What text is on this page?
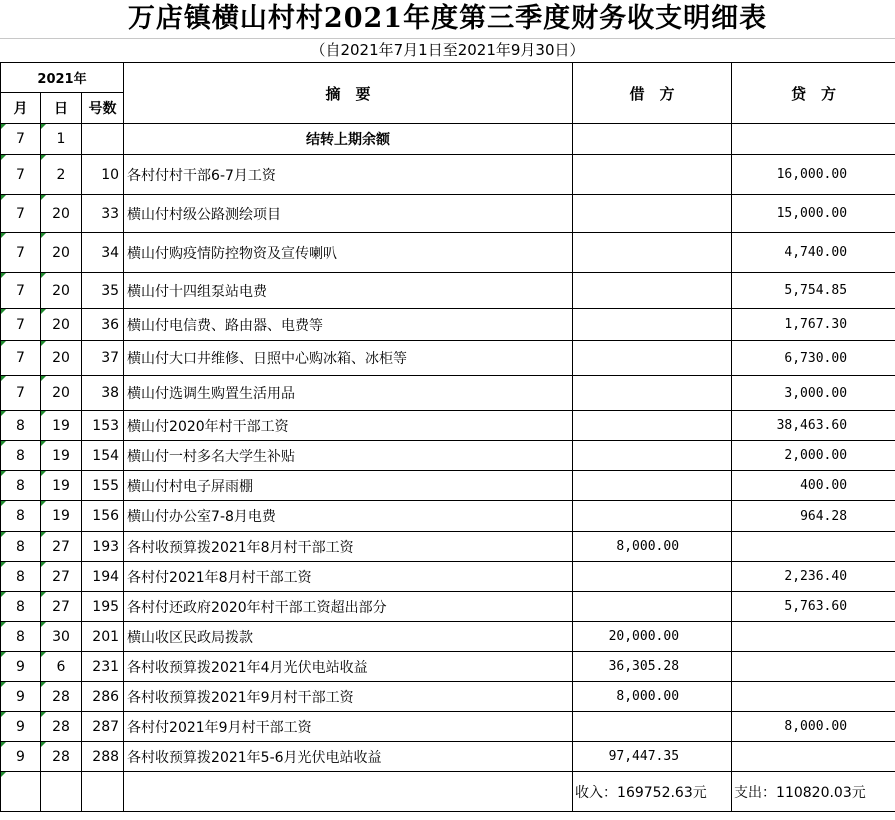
万店镇横山村村2021年度第三季度财务收支明细表
（自2021年7月1日至2021年9月30日）
2021年			摘　要	借　方	贷　方
月	日	号数			
7	1		结转上期余额		
7	2	10	各村付村干部6-7月工资		16,000.00
7	20	33	横山付村级公路测绘项目		15,000.00
7	20	34	横山付购疫情防控物资及宣传喇叭		4,740.00
7	20	35	横山付十四组泵站电费		5,754.85
7	20	36	横山付电信费、路由器、电费等		1,767.30
7	20	37	横山付大口井维修、日照中心购冰箱、冰柜等		6,730.00
7	20	38	横山付选调生购置生活用品		3,000.00
8	19	153	横山付2020年村干部工资		38,463.60
8	19	154	横山付一村多名大学生补贴		2,000.00
8	19	155	横山付村电子屏雨棚		400.00
8	19	156	横山付办公室7-8月电费		964.28
8	27	193	各村收预算拨2021年8月村干部工资	8,000.00	
8	27	194	各村付2021年8月村干部工资		2,236.40
8	27	195	各村付还政府2020年村干部工资超出部分		5,763.60
8	30	201	横山收区民政局拨款	20,000.00	
9	6	231	各村收预算拨2021年4月光伏电站收益	36,305.28	
9	28	286	各村收预算拨2021年9月村干部工资	8,000.00	
9	28	287	各村付2021年9月村干部工资		8,000.00
9	28	288	各村收预算拨2021年5-6月光伏电站收益	97,447.35	
				收入：169752.63元	支出：110820.03元
